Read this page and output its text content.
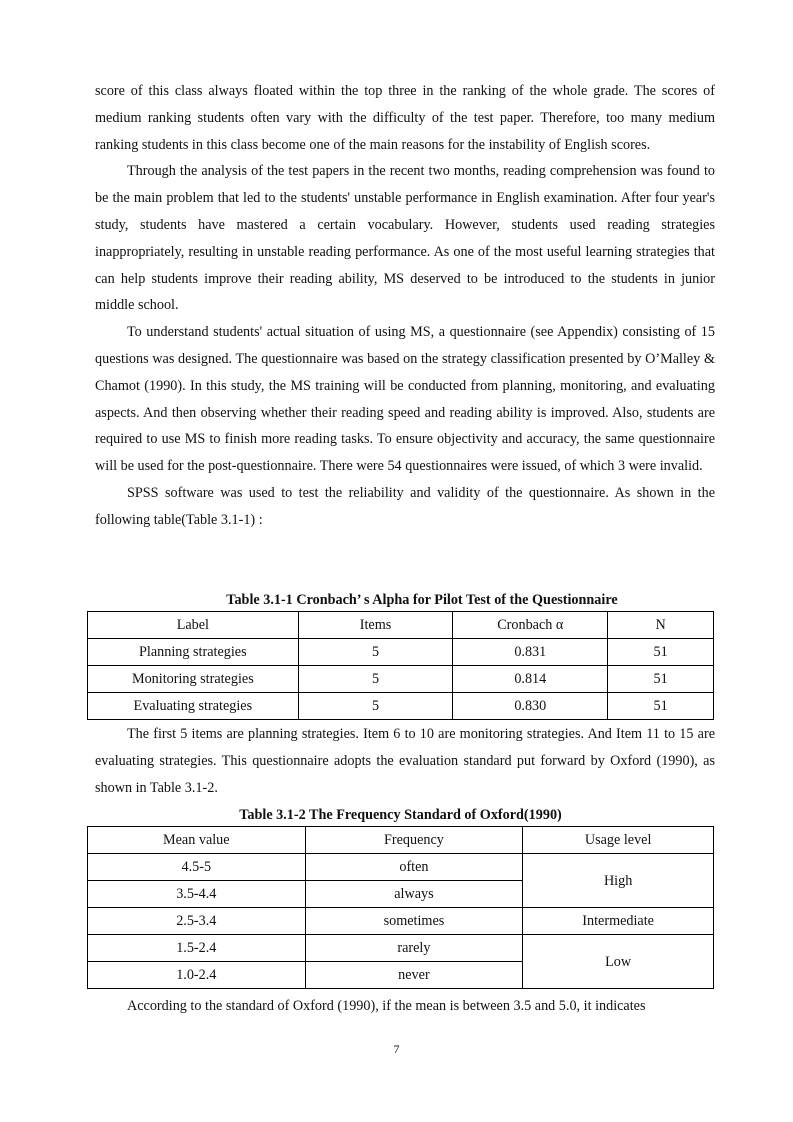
score of this class always floated within the top three in the ranking of the whole grade. The scores of medium ranking students often vary with the difficulty of the test paper. Therefore, too many medium ranking students in this class become one of the main reasons for the instability of English scores.

Through the analysis of the test papers in the recent two months, reading comprehension was found to be the main problem that led to the students' unstable performance in English examination. After four year's study, students have mastered a certain vocabulary. However, students used reading strategies inappropriately, resulting in unstable reading performance. As one of the most useful learning strategies that can help students improve their reading ability, MS deserved to be introduced to the students in junior middle school.

To understand students' actual situation of using MS, a questionnaire (see Appendix) consisting of 15 questions was designed. The questionnaire was based on the strategy classification presented by O’Malley & Chamot (1990). In this study, the MS training will be conducted from planning, monitoring, and evaluating aspects. And then observing whether their reading speed and reading ability is improved. Also, students are required to use MS to finish more reading tasks. To ensure objectivity and accuracy, the same questionnaire will be used for the post-questionnaire. There were 54 questionnaires were issued, of which 3 were invalid.

SPSS software was used to test the reliability and validity of the questionnaire. As shown in the following table(Table 3.1-1) :

Table 3.1-1 Cronbach’ s Alpha for Pilot Test of the Questionnaire

Label	Items	Cronbach α	N
Planning strategies	5	0.831	51
Monitoring strategies	5	0.814	51
Evaluating strategies	5	0.830	51

The first 5 items are planning strategies. Item 6 to 10 are monitoring strategies. And Item 11 to 15 are evaluating strategies. This questionnaire adopts the evaluation standard put forward by Oxford (1990), as shown in Table 3.1-2.

Table 3.1-2 The Frequency Standard of Oxford(1990)

Mean value	Frequency	Usage level
4.5-5	often	High
3.5-4.4	always	
2.5-3.4	sometimes	Intermediate
1.5-2.4	rarely	Low
1.0-2.4	never	

According to the standard of Oxford (1990), if the mean is between 3.5 and 5.0, it indicates

7
